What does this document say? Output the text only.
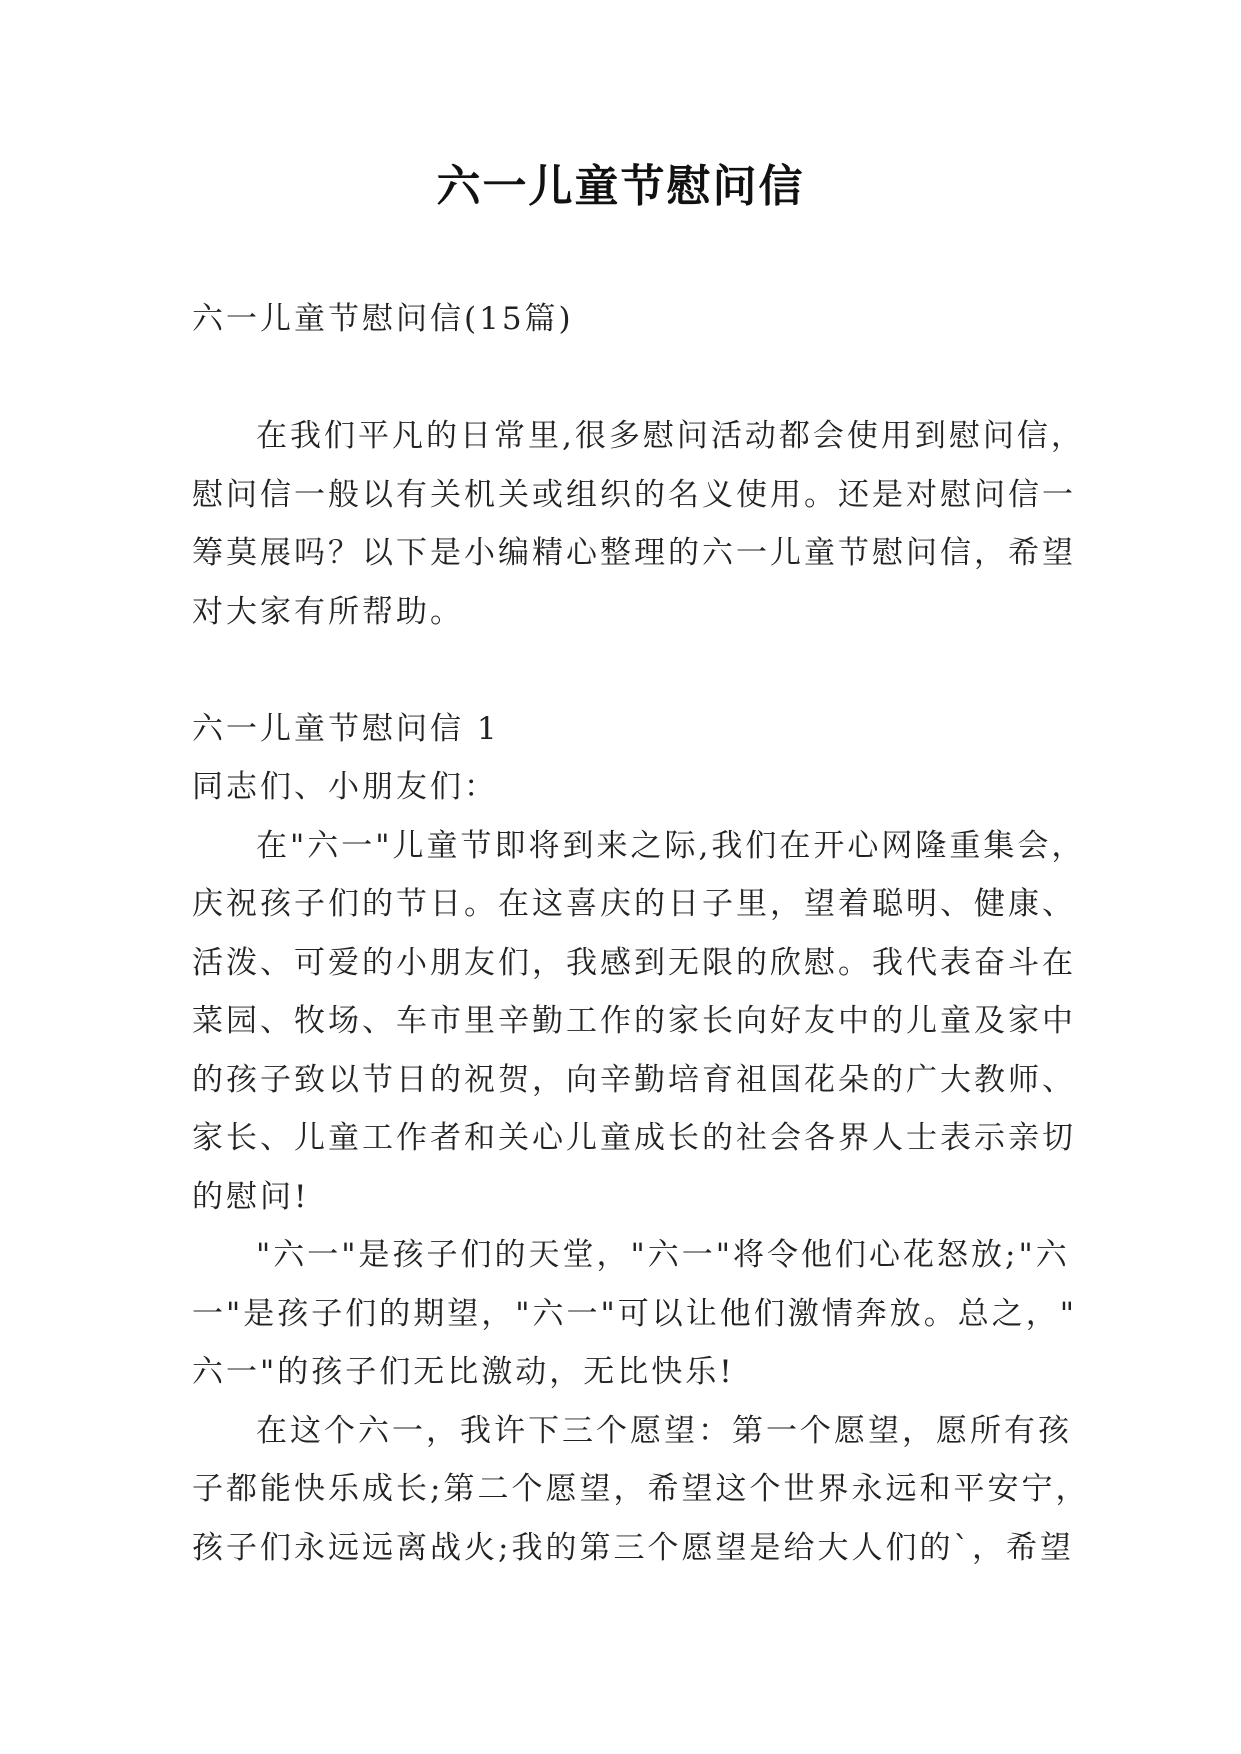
六一儿童节慰问信
六一儿童节慰问信(15篇)
在我们平凡的日常里,很多慰问活动都会使用到慰问信，
慰问信一般以有关机关或组织的名义使用。还是对慰问信一
筹莫展吗？以下是小编精心整理的六一儿童节慰问信，希望
对大家有所帮助。
六一儿童节慰问信 1
同志们、小朋友们：
在"六一"儿童节即将到来之际,我们在开心网隆重集会，
庆祝孩子们的节日。在这喜庆的日子里，望着聪明、健康、
活泼、可爱的小朋友们，我感到无限的欣慰。我代表奋斗在
菜园、牧场、车市里辛勤工作的家长向好友中的儿童及家中
的孩子致以节日的祝贺，向辛勤培育祖国花朵的广大教师、
家长、儿童工作者和关心儿童成长的社会各界人士表示亲切
的慰问!
"六一"是孩子们的天堂，"六一"将令他们心花怒放;"六
一"是孩子们的期望，"六一"可以让他们激情奔放。总之，"
六一"的孩子们无比激动，无比快乐!
在这个六一，我许下三个愿望：第一个愿望，愿所有孩
子都能快乐成长;第二个愿望，希望这个世界永远和平安宁，
孩子们永远远离战火;我的第三个愿望是给大人们的`，希望
